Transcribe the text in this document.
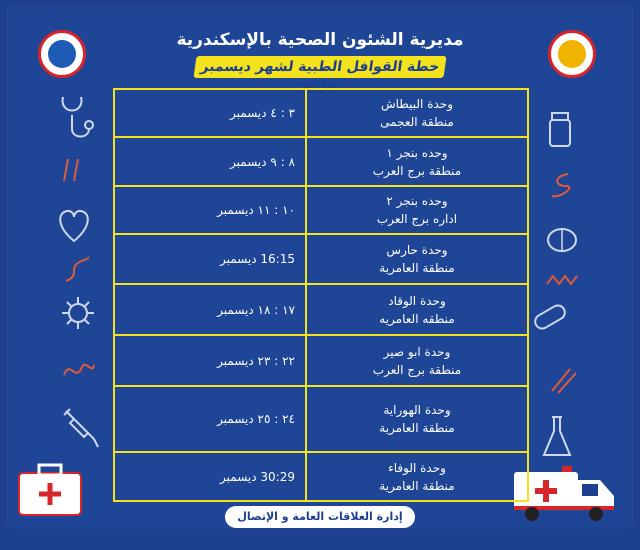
مديرية الشئون الصحية بالإسكندرية
خطة القوافل الطبية لشهر ديسمبر 2024
٣ : ٤ ديسمبر	وحدة البيطاش
منطقة العجمى
٨ : ٩ ديسمبر	وحده بنجر ١
منطقة برج العرب
١٠ : ١١ ديسمبر	وحده بنجر ٢
اداره برج العرب
16:15 ديسمبر	وحدة حارس
منطقة العامرية
١٧ : ١٨ ديسمبر	وحدة الوقاد
منطقه العامريه
٢٢ : ٢٣ ديسمبر	وحدة ابو صير
منطقة برج العرب
٢٤ : ٢٥ ديسمبر	وحدة الهوراية
منطقة العامرية
30:29 ديسمبر	وحدة الوفاء
منطقة العامرية
إدارة العلاقات العامة و الإتصال السياسي
